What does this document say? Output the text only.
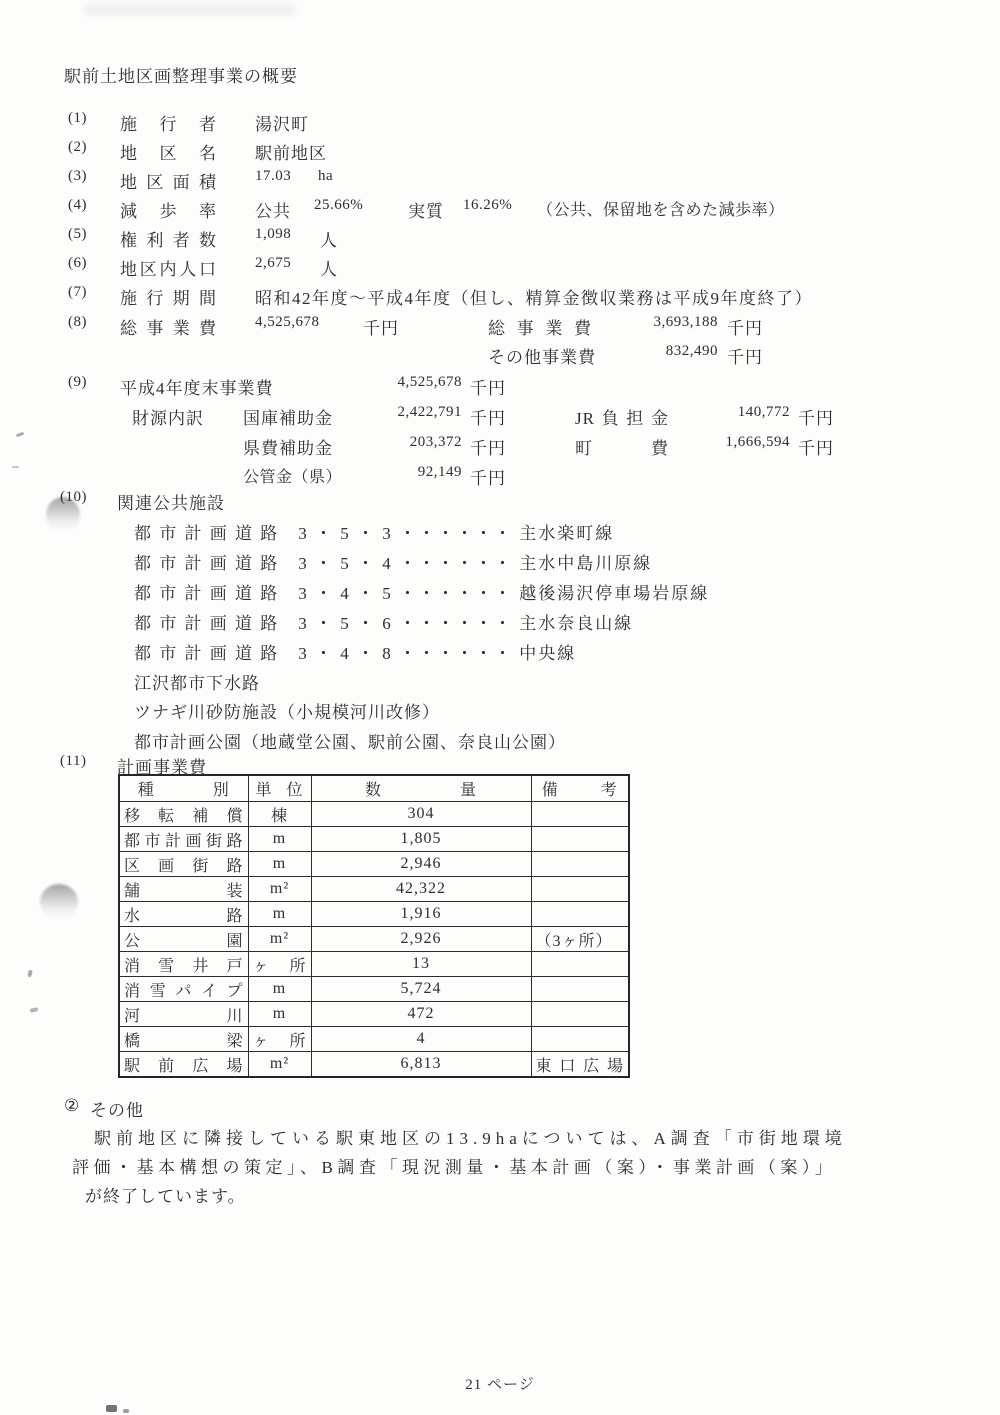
駅前土地区画整理事業の概要
(1) 施行者 湯沢町
(2) 地区名 駅前地区
(3) 地区面積	17.03 ha
(4) 減歩率 公共 25.66%	実質 16.26% （公共、保留地を含めた減歩率）
(5) 権利者数	1,098 人
(6) 地区内人口	2,675 人
(7) 施行期間 昭和42年度～平成4年度（但し、精算金徴収業務は平成9年度終了）
(8) 総事業費	4,525,678	千円	総事業費	3,693,188 千円
その他事業費	832,490 千円
(9) 平成4年度末事業費	4,525,678 千円
財源内訳 国庫補助金	2,422,791 千円	JR負担金	140,772 千円
県費補助金	203,372 千円	町費	1,666,594 千円
公管金（県）	92,149 千円
(10) 関連公共施設
都 市 計 画 道 路　3 ・ 5 ・ 3 ・・・・・・ 主水楽町線
都 市 計 画 道 路　3 ・ 5 ・ 4 ・・・・・・ 主水中島川原線
都 市 計 画 道 路　3 ・ 4 ・ 5 ・・・・・・ 越後湯沢停車場岩原線
都 市 計 画 道 路　3 ・ 5 ・ 6 ・・・・・・ 主水奈良山線
都 市 計 画 道 路　3 ・ 4 ・ 8 ・・・・・・ 中央線
江沢都市下水路
ツナギ川砂防施設（小規模河川改修）
都市計画公園（地蔵堂公園、駅前公園、奈良山公園）
(11) 計画事業費
種別	単位	数量	備考
移転補償	棟	304	
都市計画街路	m	1,805	
区画街路	m	2,946	
舗装	m²	42,322	
水路	m	1,916	
公園	m²	2,926	（3ヶ所）
消雪井戸	ヶ所	13	
消雪パイプ	m	5,724	
河川	m	472	
橋梁	ヶ所	4	
駅前広場	m²	6,813	東口広場
② その他
駅前地区に隣接している駅東地区の13.9haについては、A調査「市街地環境
評価・基本構想の策定」、B調査「現況測量・基本計画（案）・事業計画（案）」
が終了しています。
21 ページ
